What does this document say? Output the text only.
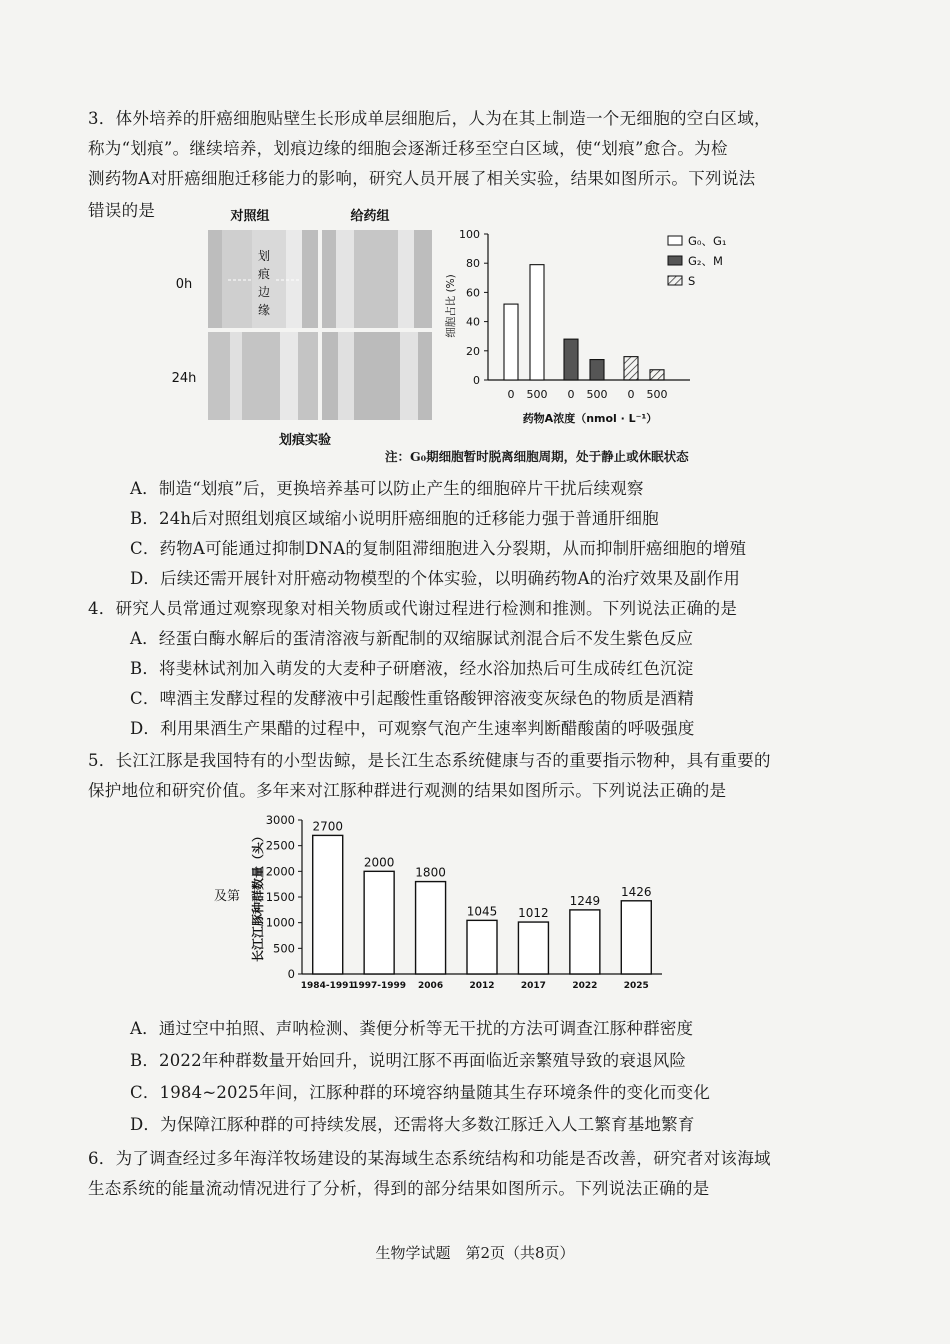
3．体外培养的肝癌细胞贴壁生长形成单层细胞后，人为在其上制造一个无细胞的空白区域，

称为“划痕”。继续培养，划痕边缘的细胞会逐渐迁移至空白区域，使“划痕”愈合。为检

测药物A对肝癌细胞迁移能力的影响，研究人员开展了相关实验，结果如图所示。下列说法

错误的是	对照组	给药组
0h
24h
划
痕
边
缘
划痕实验
0
20
40
60
80
100
细胞占比 (%)
0 500 0 500 0 500
药物A浓度（nmol · L⁻¹）
G₀、G₁
G₂、M
S
注：G₀期细胞暂时脱离细胞周期，处于静止或休眠状态
A．制造“划痕”后，更换培养基可以防止产生的细胞碎片干扰后续观察
B．24h后对照组划痕区域缩小说明肝癌细胞的迁移能力强于普通肝细胞
C．药物A可能通过抑制DNA的复制阻滞细胞进入分裂期，从而抑制肝癌细胞的增殖
D．后续还需开展针对肝癌动物模型的个体实验，以明确药物A的治疗效果及副作用
4．研究人员常通过观察现象对相关物质或代谢过程进行检测和推测。下列说法正确的是
A．经蛋白酶水解后的蛋清溶液与新配制的双缩脲试剂混合后不发生紫色反应
B．将斐林试剂加入萌发的大麦种子研磨液，经水浴加热后可生成砖红色沉淀
C．啤酒主发酵过程的发酵液中引起酸性重铬酸钾溶液变灰绿色的物质是酒精
D．利用果酒生产果醋的过程中，可观察气泡产生速率判断醋酸菌的呼吸强度

5．长江江豚是我国特有的小型齿鲸，是长江生态系统健康与否的重要指示物种，具有重要的

保护地位和研究价值。多年来对江豚种群进行观测的结果如图所示。下列说法正确的是

0
500
1000
1500
2000
2500
3000
长江江豚种群数量（头）
及第
2700
1984-1991
2000
1997-1999
1800
2006
1045
2012
1012
2017
1249
2022
1426
2025
A．通过空中拍照、声呐检测、粪便分析等无干扰的方法可调查江豚种群密度
B．2022年种群数量开始回升，说明江豚不再面临近亲繁殖导致的衰退风险
C．1984~2025年间，江豚种群的环境容纳量随其生存环境条件的变化而变化
D．为保障江豚种群的可持续发展，还需将大多数江豚迁入人工繁育基地繁育

6．为了调查经过多年海洋牧场建设的某海域生态系统结构和功能是否改善，研究者对该海域

生态系统的能量流动情况进行了分析，得到的部分结果如图所示。下列说法正确的是

生物学试题　第2页（共8页）
